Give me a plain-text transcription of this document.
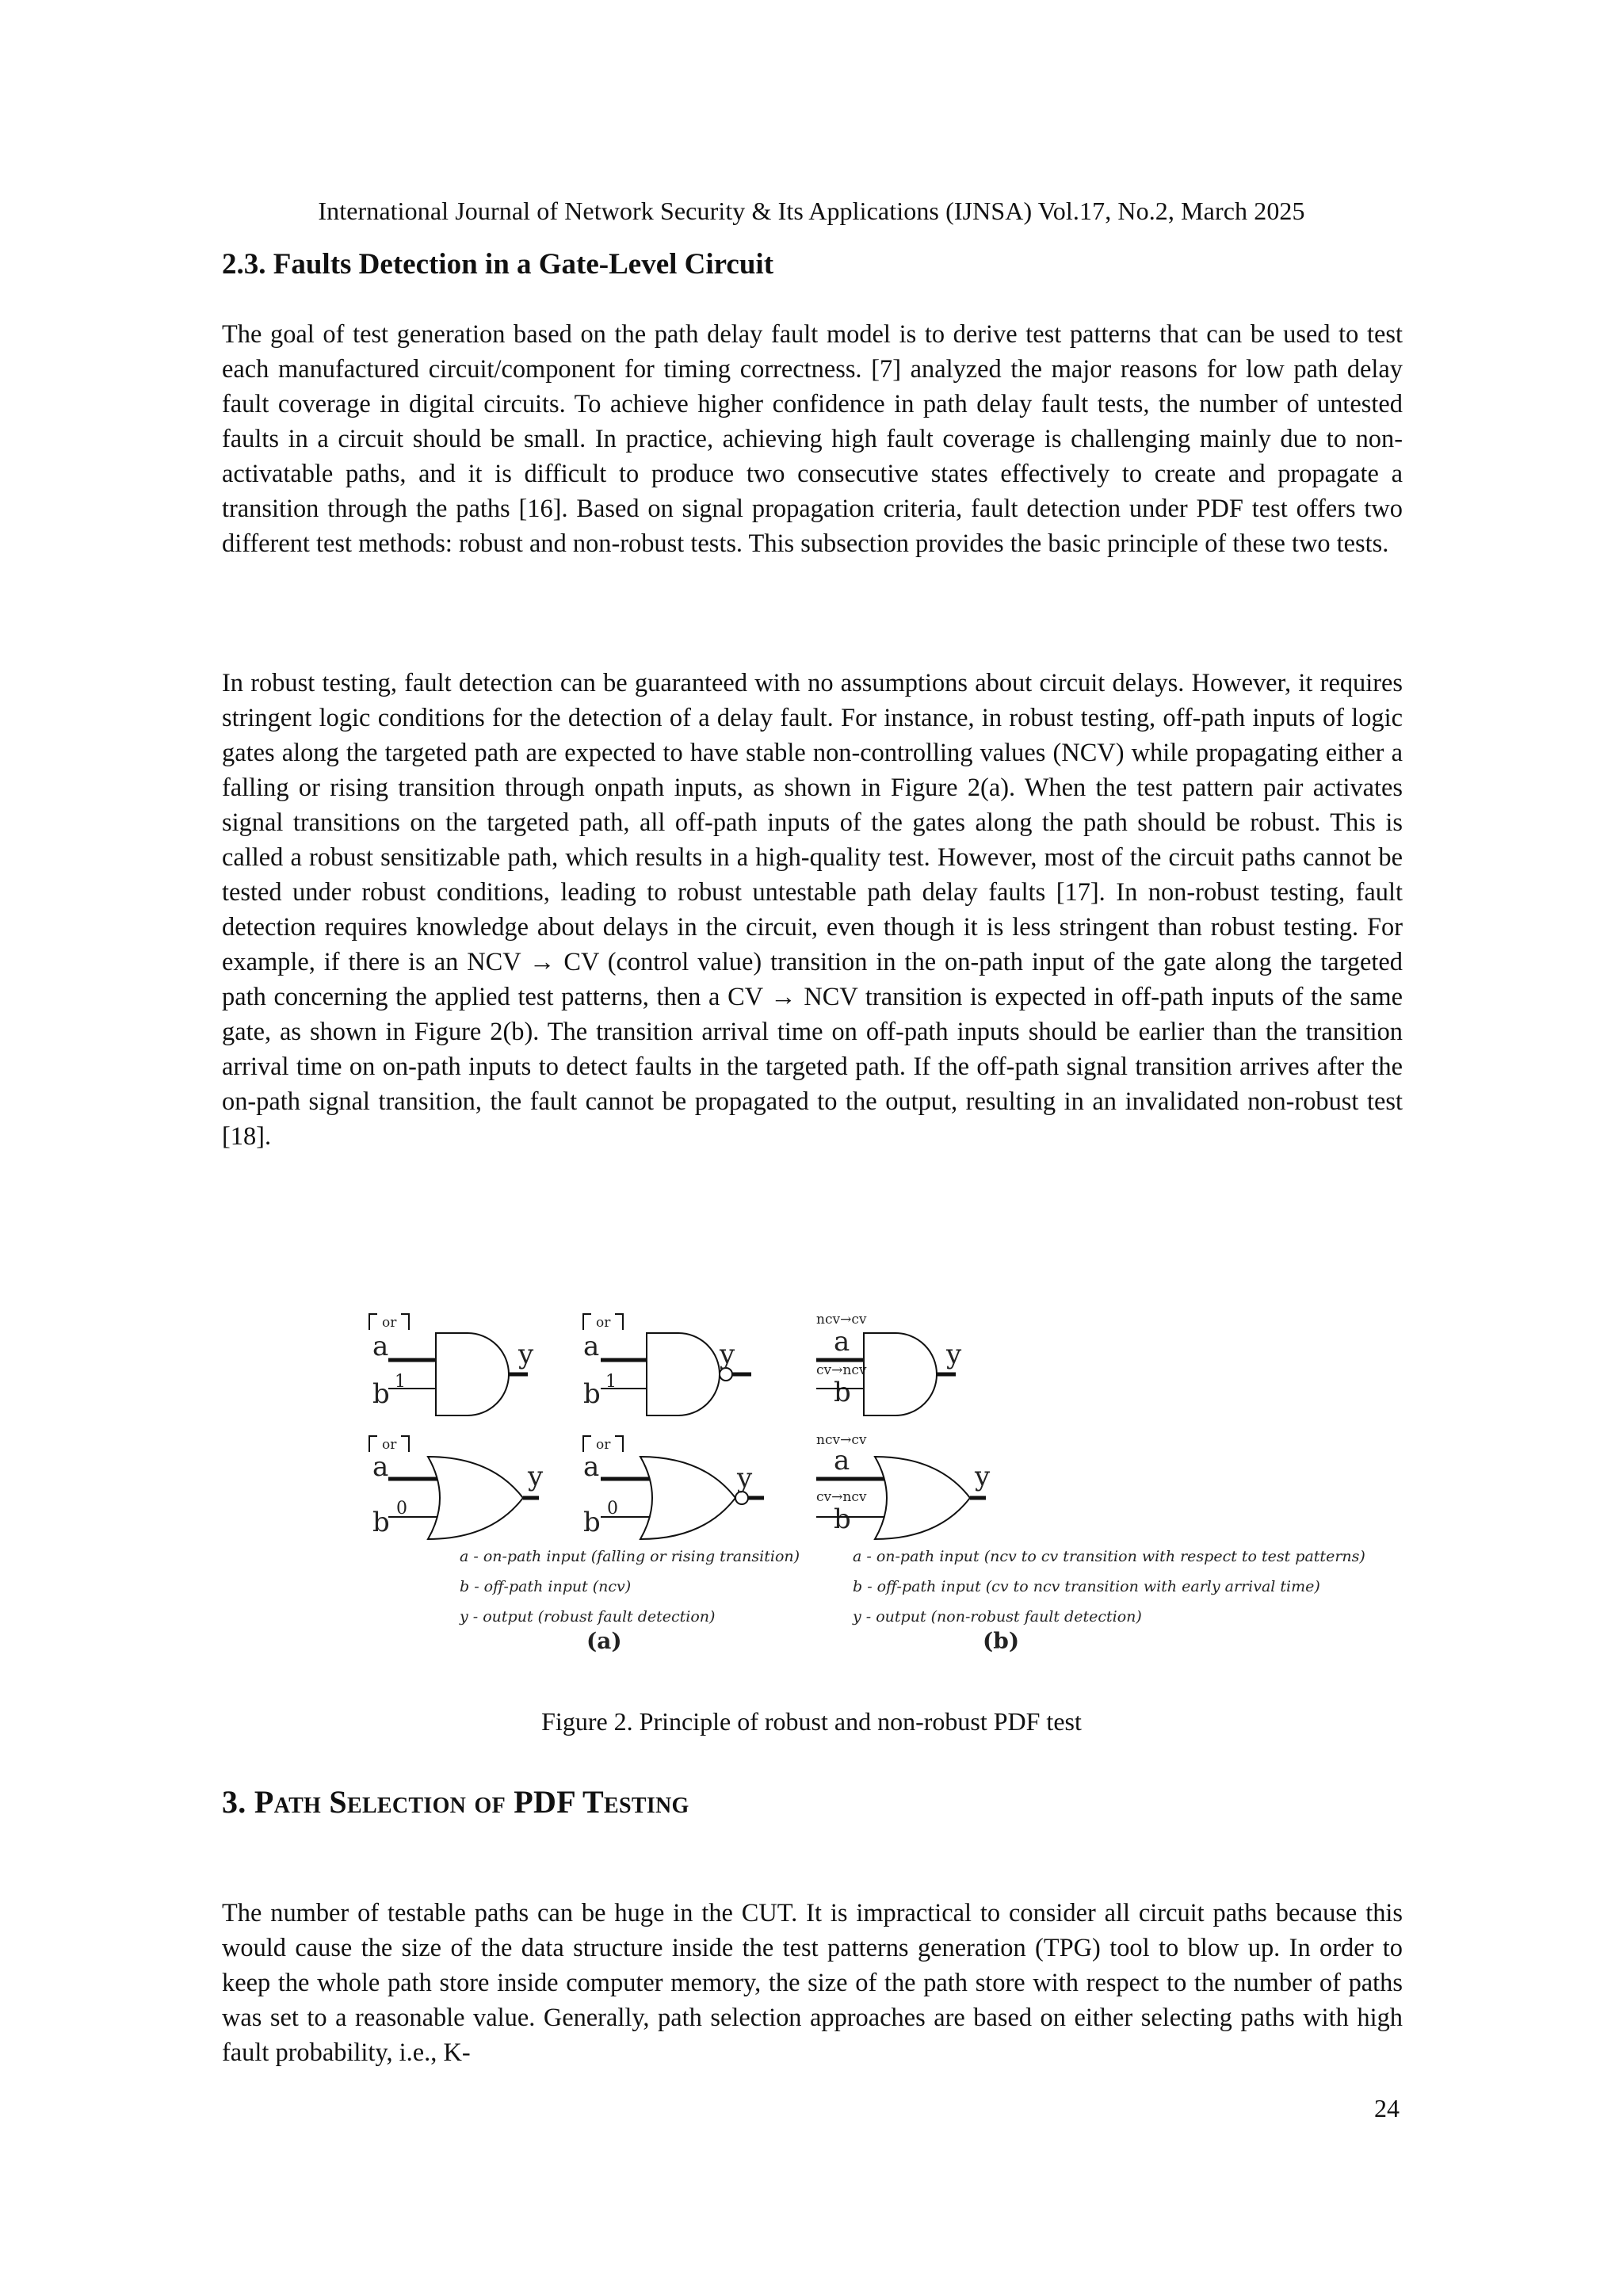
International Journal of Network Security & Its Applications (IJNSA) Vol.17, No.2, March 2025
2.3. Faults Detection in a Gate-Level Circuit

The goal of test generation based on the path delay fault model is to derive test patterns that can be used to test each manufactured circuit/component for timing correctness. [7] analyzed the major reasons for low path delay fault coverage in digital circuits. To achieve higher confidence in path delay fault tests, the number of untested faults in a circuit should be small. In practice, achieving high fault coverage is challenging mainly due to non-activatable paths, and it is difficult to produce two consecutive states effectively to create and propagate a transition through the paths [16]. Based on signal propagation criteria, fault detection under PDF test offers two different test methods: robust and non-robust tests. This subsection provides the basic principle of these two tests.

In robust testing, fault detection can be guaranteed with no assumptions about circuit delays. However, it requires stringent logic conditions for the detection of a delay fault. For instance, in robust testing, off-path inputs of logic gates along the targeted path are expected to have stable non-controlling values (NCV) while propagating either a falling or rising transition through onpath inputs, as shown in Figure 2(a). When the test pattern pair activates signal transitions on the targeted path, all off-path inputs of the gates along the path should be robust. This is called a robust sensitizable path, which results in a high-quality test. However, most of the circuit paths cannot be tested under robust conditions, leading to robust untestable path delay faults [17]. In non-robust testing, fault detection requires knowledge about delays in the circuit, even though it is less stringent than robust testing. For example, if there is an NCV → CV (control value) transition in the on-path input of the gate along the targeted path concerning the applied test patterns, then a CV → NCV transition is expected in off-path inputs of the same gate, as shown in Figure 2(b). The transition arrival time on off-path inputs should be earlier than the transition arrival time on on-path inputs to detect faults in the targeted path. If the off-path signal transition arrives after the on-path signal transition, the fault cannot be propagated to the output, resulting in an invalidated non-robust test [18].

or
a
b 1
y
or
a
b 1
y
ncv→cv
a
cv→ncv
b
y
or
a
b 0
y
or
a
b 0
y
ncv→cv
a
cv→ncv
b
y
a - on-path input (falling or rising transition)
b - off-path input (ncv)
y - output (robust fault detection)
(a)
a - on-path input (ncv to cv transition with respect to test patterns)
b - off-path input (cv to ncv transition with early arrival time)
y - output (non-robust fault detection)
(b)
Figure 2. Principle of robust and non-robust PDF test
3. Path Selection of PDF Testing

The number of testable paths can be huge in the CUT. It is impractical to consider all circuit paths because this would cause the size of the data structure inside the test patterns generation (TPG) tool to blow up. In order to keep the whole path store inside computer memory, the size of the path store with respect to the number of paths was set to a reasonable value. Generally, path selection approaches are based on either selecting paths with high fault probability, i.e., K-

24
